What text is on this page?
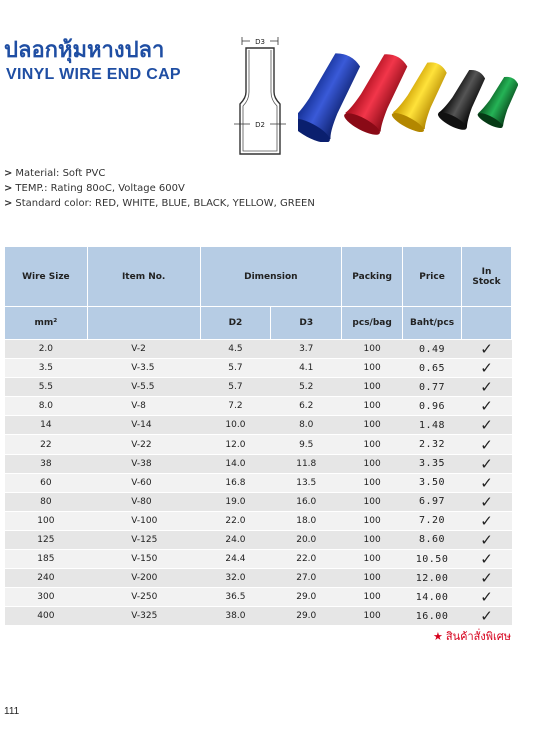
ปลอกหุ้มหางปลา
VINYL WIRE END CAP
D3
D2
> Material: Soft PVC
> TEMP.: Rating 80oC, Voltage 600V
> Standard color: RED, WHITE, BLUE, BLACK, YELLOW, GREEN
Wire Size	Item No.	Dimension		Packing	Price	In Stock
mm²		D2	D3	pcs/bag	Baht/pcs	
2.0	V-2	4.5	3.7	100	0.49	✓
3.5	V-3.5	5.7	4.1	100	0.65	✓
5.5	V-5.5	5.7	5.2	100	0.77	✓
8.0	V-8	7.2	6.2	100	0.96	✓
14	V-14	10.0	8.0	100	1.48	✓
22	V-22	12.0	9.5	100	2.32	✓
38	V-38	14.0	11.8	100	3.35	✓
60	V-60	16.8	13.5	100	3.50	✓
80	V-80	19.0	16.0	100	6.97	✓
100	V-100	22.0	18.0	100	7.20	✓
125	V-125	24.0	20.0	100	8.60	✓
185	V-150	24.4	22.0	100	10.50	✓
240	V-200	32.0	27.0	100	12.00	✓
300	V-250	36.5	29.0	100	14.00	✓
400	V-325	38.0	29.0	100	16.00	✓
★ สินค้าสั่งพิเศษ
111
